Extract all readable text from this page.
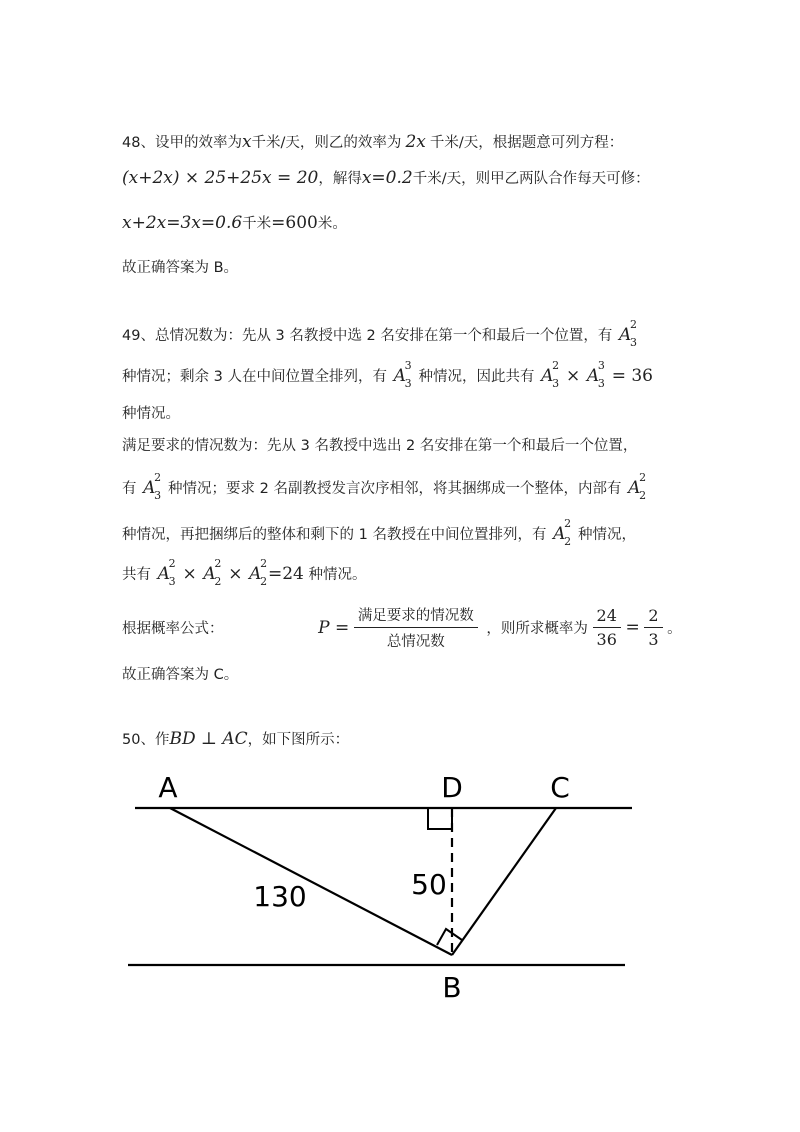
48、设甲的效率为x千米/天，则乙的效率为 2x 千米/天，根据题意可列方程：
(x+2x) × 25+25x = 20，解得x=0.2千米/天，则甲乙两队合作每天可修：
x+2x=3x=0.6千米=600米。
故正确答案为 B。
49、总情况数为：先从 3 名教授中选 2 名安排在第一个和最后一个位置，有 A
2
3
种情况；剩余 3 人在中间位置全排列，有 A
3
3 种情况，因此共有 A
2
3 × A
3
3 = 36
种情况。
满足要求的情况数为：先从 3 名教授中选出 2 名安排在第一个和最后一个位置，
有 A
2
3 种情况；要求 2 名副教授发言次序相邻，将其捆绑成一个整体，内部有 A
2
2
种情况，再把捆绑后的整体和剩下的 1 名教授在中间位置排列，有 A
2
2 种情况，
共有 A
2
3 × A
2
2 × A
2
2 =24 种情况。
根据概率公式：	$P = \frac{\text{满足要求的情况数}}{\text{总情况数}}$ ，则所求概率为 $\frac{24}{36} = \frac{2}{3}$ 。
故正确答案为 C。
50、作BD ⊥ AC，如下图所示：
A	D	C
B
130	50
